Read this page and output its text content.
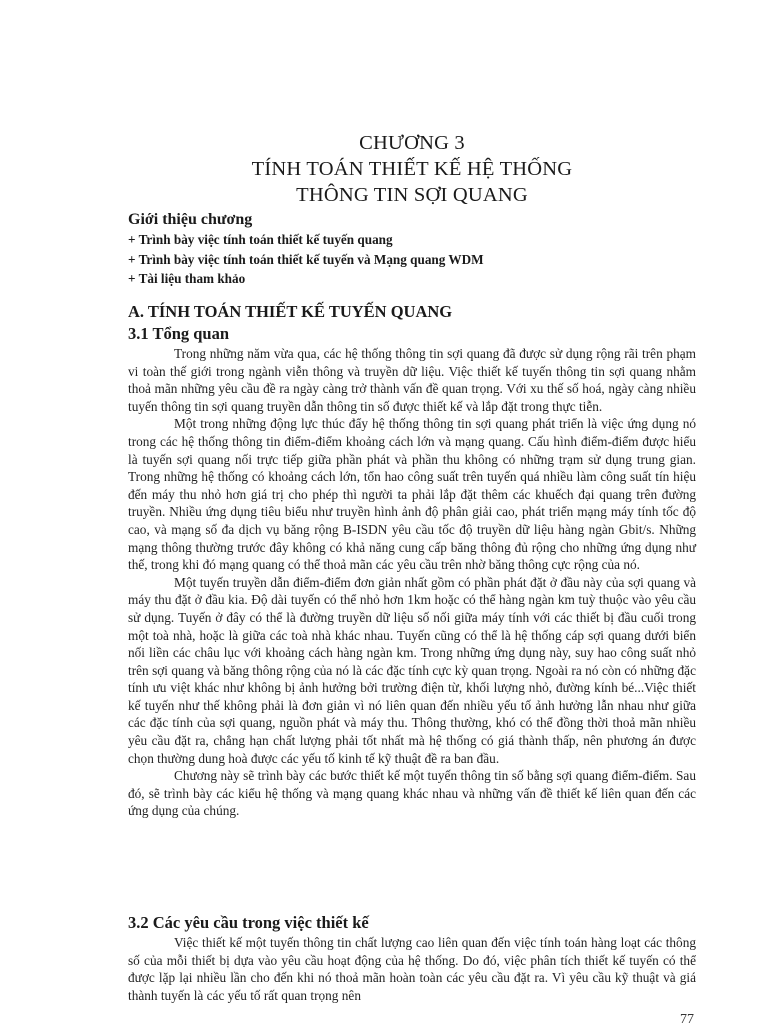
CHƯƠNG 3
TÍNH TOÁN THIẾT KẾ HỆ THỐNG
THÔNG TIN SỢI QUANG
Giới thiệu chương
+ Trình bày việc tính toán thiết kế tuyến quang
+ Trình bày việc tính toán thiết kế tuyến và Mạng quang WDM
+ Tài liệu tham khảo
A. TÍNH TOÁN THIẾT KẾ TUYẾN QUANG
3.1 Tổng quan

Trong những năm vừa qua, các hệ thống thông tin sợi quang đã được sử dụng rộng rãi trên phạm vi toàn thế giới trong ngành viễn thông và truyền dữ liệu. Việc thiết kế tuyến thông tin sợi quang nhằm thoả mãn những yêu cầu đề ra ngày càng trở thành vấn đề quan trọng. Với xu thế số hoá, ngày càng nhiều tuyến thông tin sợi quang truyền dẫn thông tin số được thiết kế và lắp đặt trong thực tiễn.

Một trong những động lực thúc đẩy hệ thống thông tin sợi quang phát triển là việc ứng dụng nó trong các hệ thống thông tin điểm-điểm khoảng cách lớn và mạng quang. Cấu hình điểm-điểm được hiểu là tuyến sợi quang nối trực tiếp giữa phần phát và phần thu không có những trạm sử dụng trung gian. Trong những hệ thống có khoảng cách lớn, tổn hao công suất trên tuyến quá nhiều làm công suất tín hiệu đến máy thu nhỏ hơn giá trị cho phép thì người ta phải lắp đặt thêm các khuếch đại quang trên đường truyền. Nhiều ứng dụng tiêu biểu như truyền hình ảnh độ phân giải cao, phát triển mạng máy tính tốc độ cao, và mạng số đa dịch vụ băng rộng B-ISDN yêu cầu tốc độ truyền dữ liệu hàng ngàn Gbit/s. Những mạng thông thường trước đây không có khả năng cung cấp băng thông đủ rộng cho những ứng dụng như thế, trong khi đó mạng quang có thể thoả mãn các yêu cầu trên nhờ băng thông cực rộng của nó.

Một tuyến truyền dẫn điểm-điểm đơn giản nhất gồm có phần phát đặt ở đầu này của sợi quang và máy thu đặt ở đầu kia. Độ dài tuyến có thể nhỏ hơn 1km hoặc có thể hàng ngàn km tuỳ thuộc vào yêu cầu sử dụng. Tuyến ở đây có thể là đường truyền dữ liệu số nối giữa máy tính với các thiết bị đầu cuối trong một toà nhà, hoặc là giữa các toà nhà khác nhau. Tuyến cũng có thể là hệ thống cáp sợi quang dưới biển nối liền các châu lục với khoảng cách hàng ngàn km. Trong những ứng dụng này, suy hao công suất nhỏ trên sợi quang và băng thông rộng của nó là các đặc tính cực kỳ quan trọng. Ngoài ra nó còn có những đặc tính ưu việt khác như không bị ảnh hưởng bởi trường điện từ, khối lượng nhỏ, đường kính bé...Việc thiết kế tuyến như thế không phải là đơn giản vì nó liên quan đến nhiều yếu tố ảnh hưởng lẫn nhau như giữa các đặc tính của sợi quang, nguồn phát và máy thu. Thông thường, khó có thể đồng thời thoả mãn nhiều yêu cầu đặt ra, chẳng hạn chất lượng phải tốt nhất mà hệ thống có giá thành thấp, nên phương án được chọn thường dung hoà được các yếu tố kinh tế kỹ thuật đề ra ban đầu.

Chương này sẽ trình bày các bước thiết kế một tuyến thông tin số bằng sợi quang điểm-điểm. Sau đó, sẽ trình bày các kiểu hệ thống và mạng quang khác nhau và những vấn đề thiết kế liên quan đến các ứng dụng của chúng.

3.2 Các yêu cầu trong việc thiết kế

Việc thiết kế một tuyến thông tin chất lượng cao liên quan đến việc tính toán hàng loạt các thông số của mỗi thiết bị dựa vào yêu cầu hoạt động của hệ thống. Do đó, việc phân tích thiết kế tuyến có thể được lặp lại nhiều lần cho đến khi nó thoả mãn hoàn toàn các yêu cầu đặt ra. Vì yêu cầu kỹ thuật và giá thành tuyến là các yếu tố rất quan trọng nên

77
